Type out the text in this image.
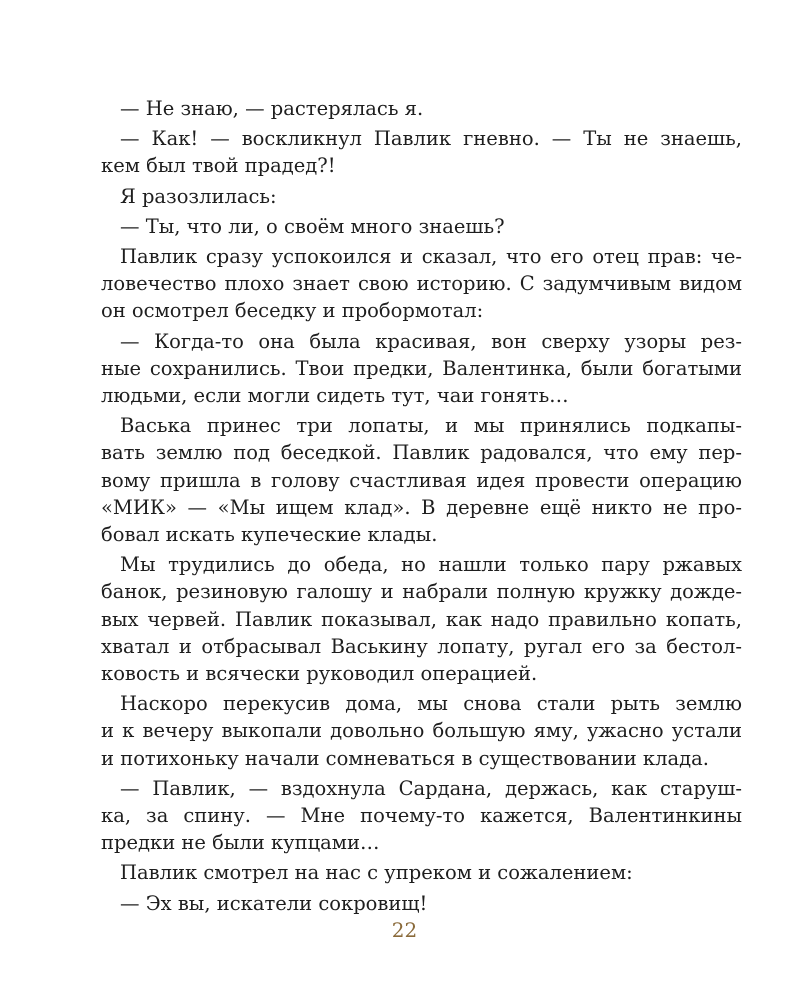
— Не знаю, — растерялась я.

— Как! — воскликнул Павлик гневно. — Ты не знаешь,
кем был твой прадед?!

Я разозлилась:

— Ты, что ли, о своём много знаешь?

Павлик сразу успокоился и сказал, что его отец прав: че-
ловечество плохо знает свою историю. С задумчивым видом
он осмотрел беседку и пробормотал:

— Когда-то она была красивая, вон сверху узоры рез-
ные сохранились. Твои предки, Валентинка, были богатыми
людьми, если могли сидеть тут, чаи гонять…

Васька принес три лопаты, и мы принялись подкапы-
вать землю под беседкой. Павлик радовался, что ему пер-
вому пришла в голову счастливая идея провести операцию
«МИК» — «Мы ищем клад». В деревне ещё никто не про-
бовал искать купеческие клады.

Мы трудились до обеда, но нашли только пару ржавых
банок, резиновую галошу и набрали полную кружку дожде-
вых червей. Павлик показывал, как надо правильно копать,
хватал и отбрасывал Васькину лопату, ругал его за бестол-
ковость и всячески руководил операцией.

Наскоро перекусив дома, мы снова стали рыть землю
и к вечеру выкопали довольно большую яму, ужасно устали
и потихоньку начали сомневаться в существовании клада.

— Павлик, — вздохнула Сардана, держась, как старуш-
ка, за спину. — Мне почему-то кажется, Валентинкины
предки не были купцами…

Павлик смотрел на нас с упреком и сожалением:

— Эх вы, искатели сокровищ!

22
